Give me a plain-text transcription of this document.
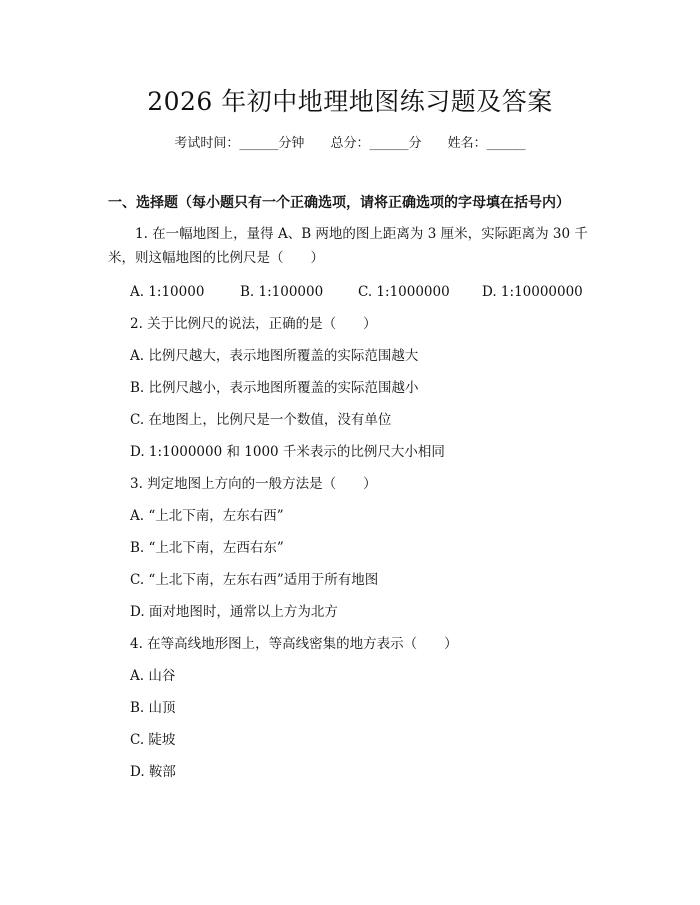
2026 年初中地理地图练习题及答案
考试时间：______分钟 总分：______分 姓名：______
一、选择题（每小题只有一个正确选项，请将正确选项的字母填在括号内）
1. 在一幅地图上，量得 A、B 两地的图上距离为 3 厘米，实际距离为 30 千米，则这幅地图的比例尺是（　　）
A. 1:10000	B. 1:100000	C. 1:1000000	D. 1:10000000
2. 关于比例尺的说法，正确的是（　　）
A. 比例尺越大，表示地图所覆盖的实际范围越大
B. 比例尺越小，表示地图所覆盖的实际范围越小
C. 在地图上，比例尺是一个数值，没有单位
D. 1:1000000 和 1000 千米表示的比例尺大小相同
3. 判定地图上方向的一般方法是（　　）
A. “上北下南，左东右西”
B. “上北下南，左西右东”
C. “上北下南，左东右西”适用于所有地图
D. 面对地图时，通常以上方为北方
4. 在等高线地形图上，等高线密集的地方表示（　　）
A. 山谷
B. 山顶
C. 陡坡
D. 鞍部
